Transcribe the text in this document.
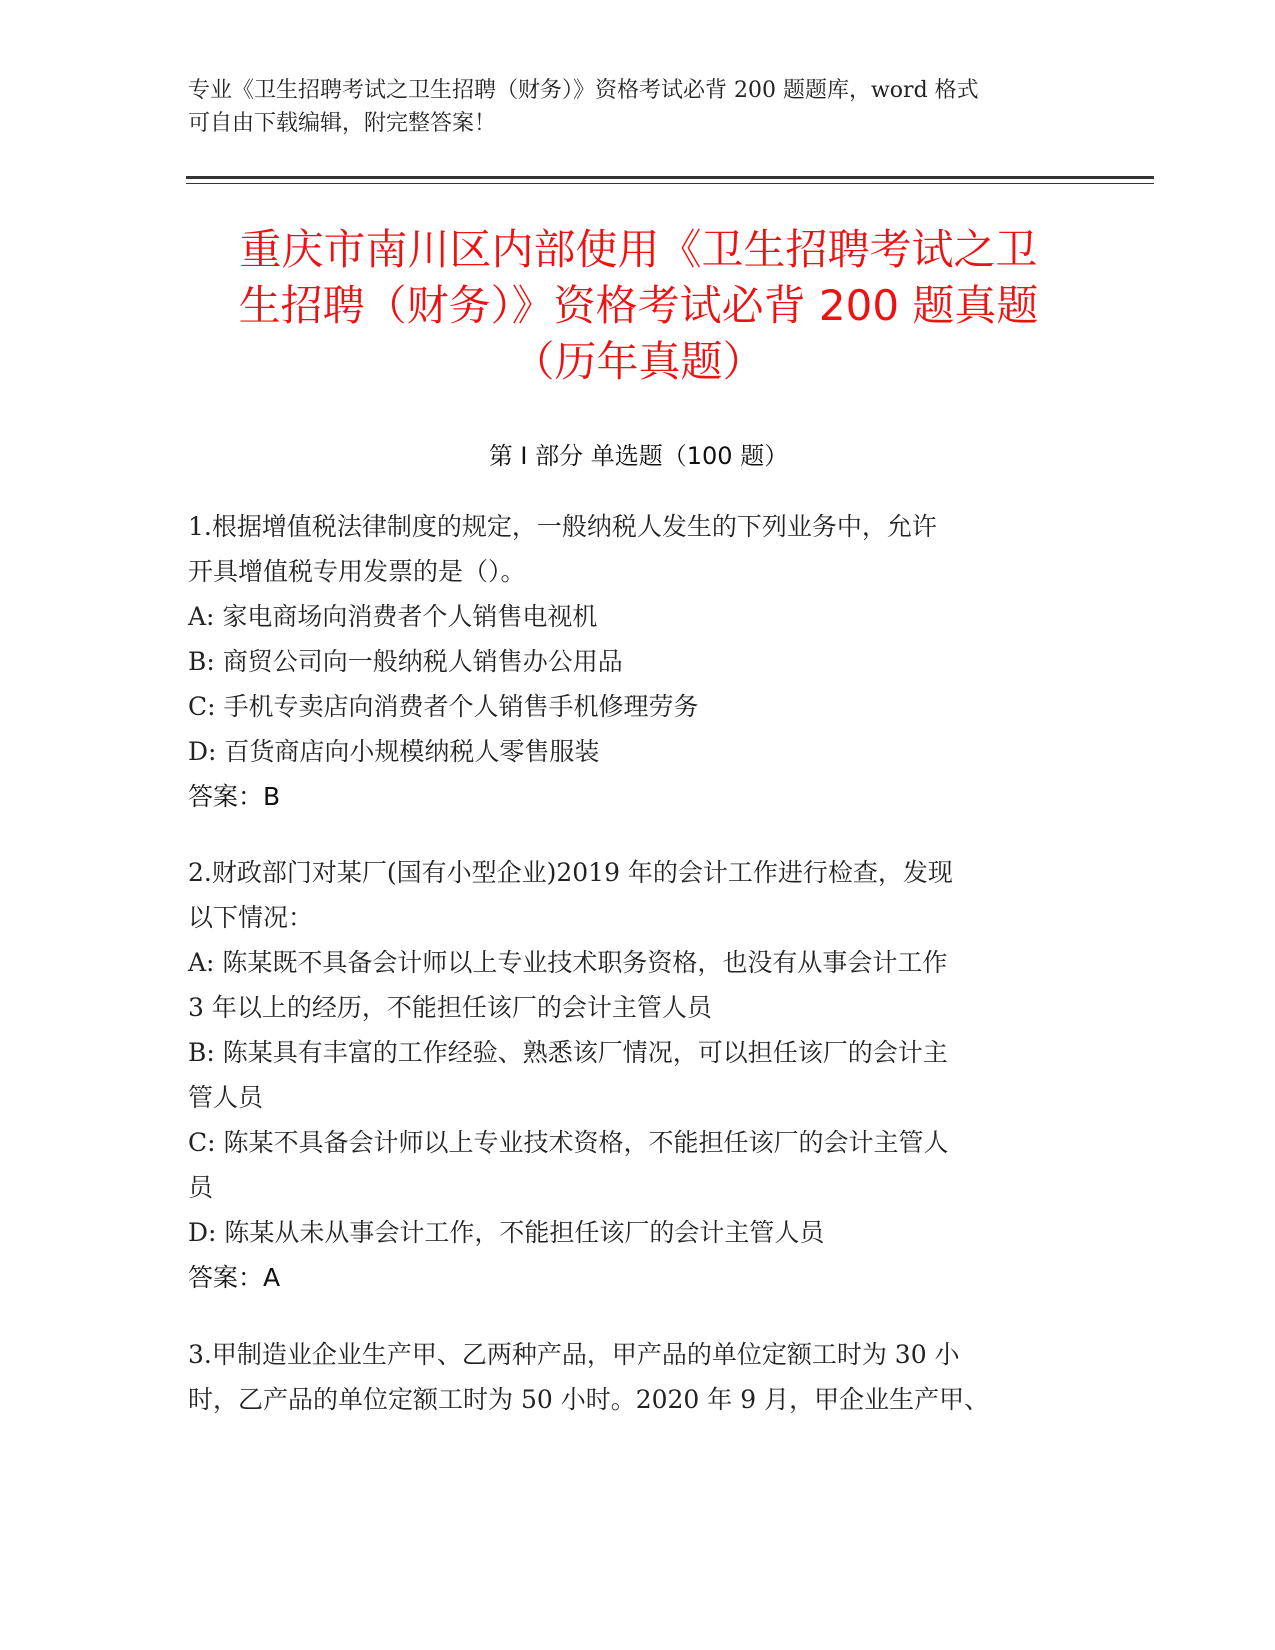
专业《卫生招聘考试之卫生招聘（财务）》资格考试必背 200 题题库，word 格式
可自由下载编辑，附完整答案！
重庆市南川区内部使用《卫生招聘考试之卫
生招聘（财务）》资格考试必背 200 题真题
（历年真题）
第 I 部分 单选题（100 题）
1.根据增值税法律制度的规定，一般纳税人发生的下列业务中，允许
开具增值税专用发票的是（）。
A: 家电商场向消费者个人销售电视机
B: 商贸公司向一般纳税人销售办公用品
C: 手机专卖店向消费者个人销售手机修理劳务
D: 百货商店向小规模纳税人零售服装
答案：B
2.财政部门对某厂(国有小型企业)2019 年的会计工作进行检查，发现
以下情况：
A: 陈某既不具备会计师以上专业技术职务资格，也没有从事会计工作
3 年以上的经历，不能担任该厂的会计主管人员
B: 陈某具有丰富的工作经验、熟悉该厂情况，可以担任该厂的会计主
管人员
C: 陈某不具备会计师以上专业技术资格，不能担任该厂的会计主管人
员
D: 陈某从未从事会计工作，不能担任该厂的会计主管人员
答案：A
3.甲制造业企业生产甲、乙两种产品，甲产品的单位定额工时为 30 小
时，乙产品的单位定额工时为 50 小时。2020 年 9 月，甲企业生产甲、
